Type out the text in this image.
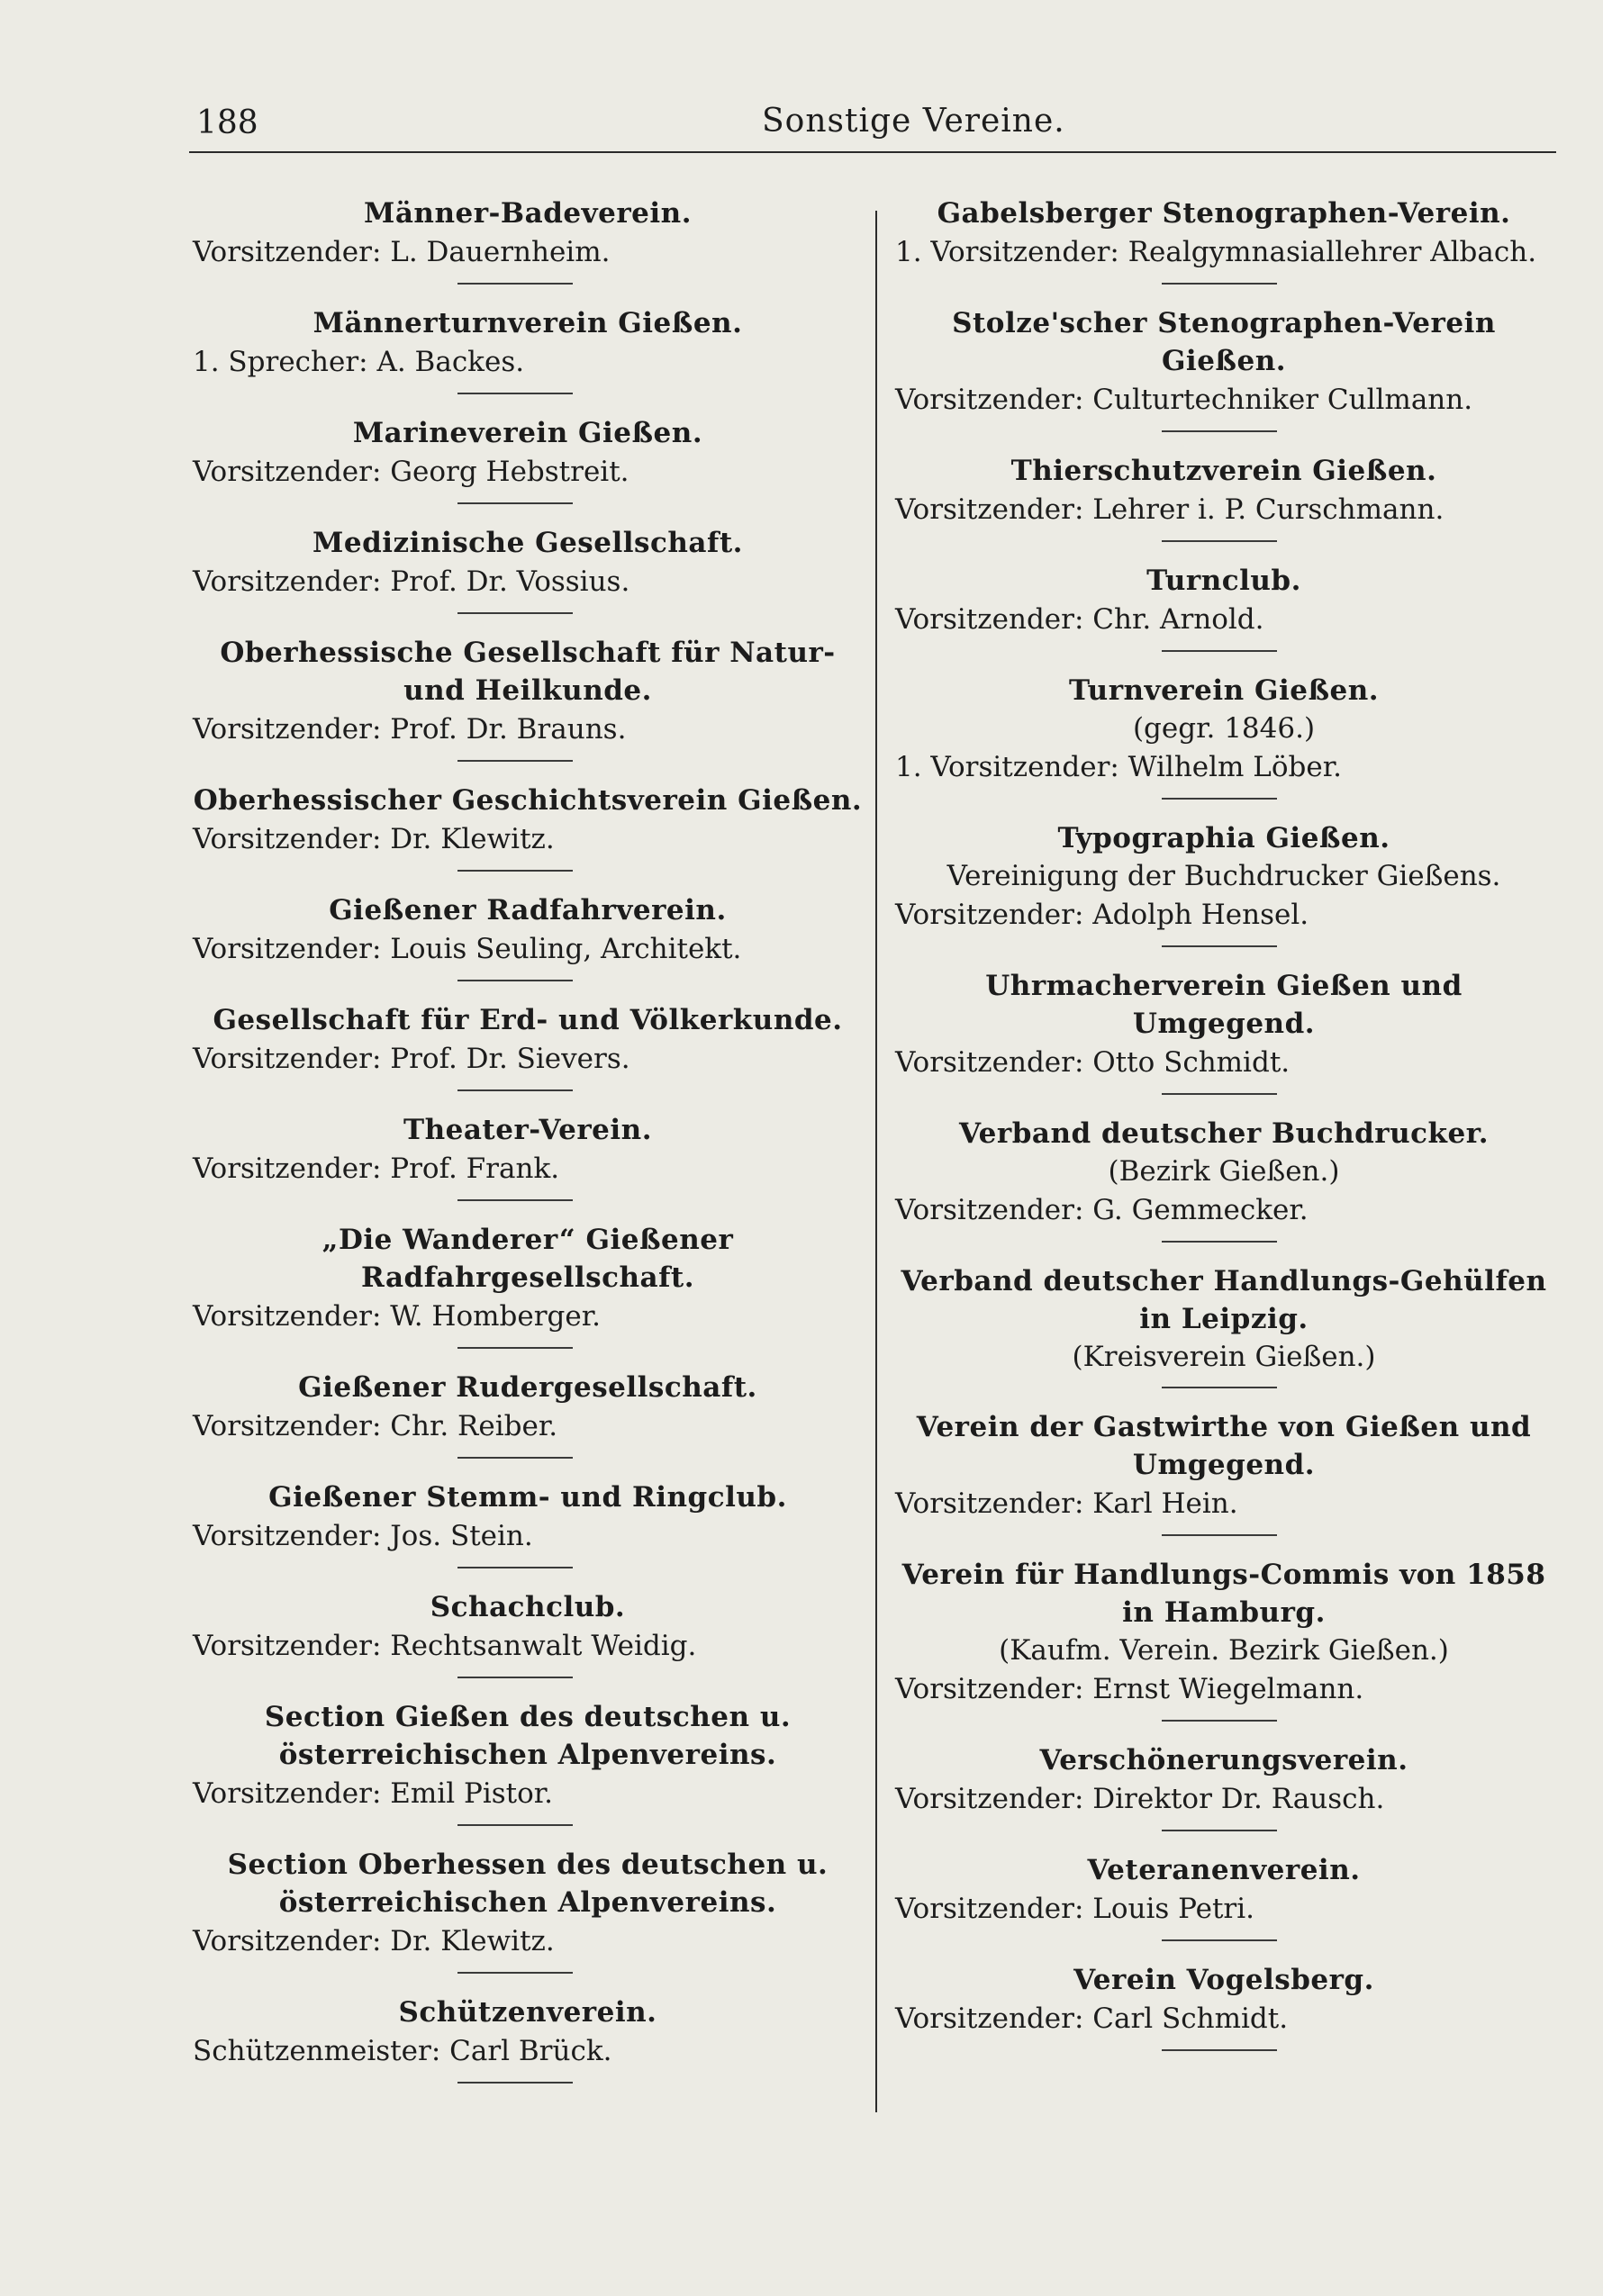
188	Sonstige Vereine.
Männer-Badeverein.
Vorsitzender: L. Dauernheim.
Männerturnverein Gießen.
1. Sprecher: A. Backes.
Marineverein Gießen.
Vorsitzender: Georg Hebstreit.
Medizinische Gesellschaft.
Vorsitzender: Prof. Dr. Vossius.
Oberhessische Gesellschaft für Natur- und Heilkunde.
Vorsitzender: Prof. Dr. Brauns.
Oberhessischer Geschichtsverein Gießen.
Vorsitzender: Dr. Klewitz.
Gießener Radfahrverein.
Vorsitzender: Louis Seuling, Architekt.
Gesellschaft für Erd- und Völkerkunde.
Vorsitzender: Prof. Dr. Sievers.
Theater-Verein.
Vorsitzender: Prof. Frank.
„Die Wanderer“ Gießener Radfahrgesellschaft.
Vorsitzender: W. Homberger.
Gießener Rudergesellschaft.
Vorsitzender: Chr. Reiber.
Gießener Stemm- und Ringclub.
Vorsitzender: Jos. Stein.
Schachclub.
Vorsitzender: Rechtsanwalt Weidig.
Section Gießen des deutschen u. österreichischen Alpenvereins.
Vorsitzender: Emil Pistor.
Section Oberhessen des deutschen u. österreichischen Alpenvereins.
Vorsitzender: Dr. Klewitz.
Schützenverein.
Schützenmeister: Carl Brück.
Gabelsberger Stenographen-Verein.
1. Vorsitzender: Realgymnasiallehrer Albach.
Stolze'scher Stenographen-Verein Gießen.
Vorsitzender: Culturtechniker Cullmann.
Thierschutzverein Gießen.
Vorsitzender: Lehrer i. P. Curschmann.
Turnclub.
Vorsitzender: Chr. Arnold.
Turnverein Gießen.
(gegr. 1846.)
1. Vorsitzender: Wilhelm Löber.
Typographia Gießen.
Vereinigung der Buchdrucker Gießens.
Vorsitzender: Adolph Hensel.
Uhrmacherverein Gießen und Umgegend.
Vorsitzender: Otto Schmidt.
Verband deutscher Buchdrucker.
(Bezirk Gießen.)
Vorsitzender: G. Gemmecker.
Verband deutscher Handlungs-Gehülfen in Leipzig.
(Kreisverein Gießen.)
Verein der Gastwirthe von Gießen und Umgegend.
Vorsitzender: Karl Hein.
Verein für Handlungs-Commis von 1858 in Hamburg.
(Kaufm. Verein. Bezirk Gießen.)
Vorsitzender: Ernst Wiegelmann.
Verschönerungsverein.
Vorsitzender: Direktor Dr. Rausch.
Veteranenverein.
Vorsitzender: Louis Petri.
Verein Vogelsberg.
Vorsitzender: Carl Schmidt.
